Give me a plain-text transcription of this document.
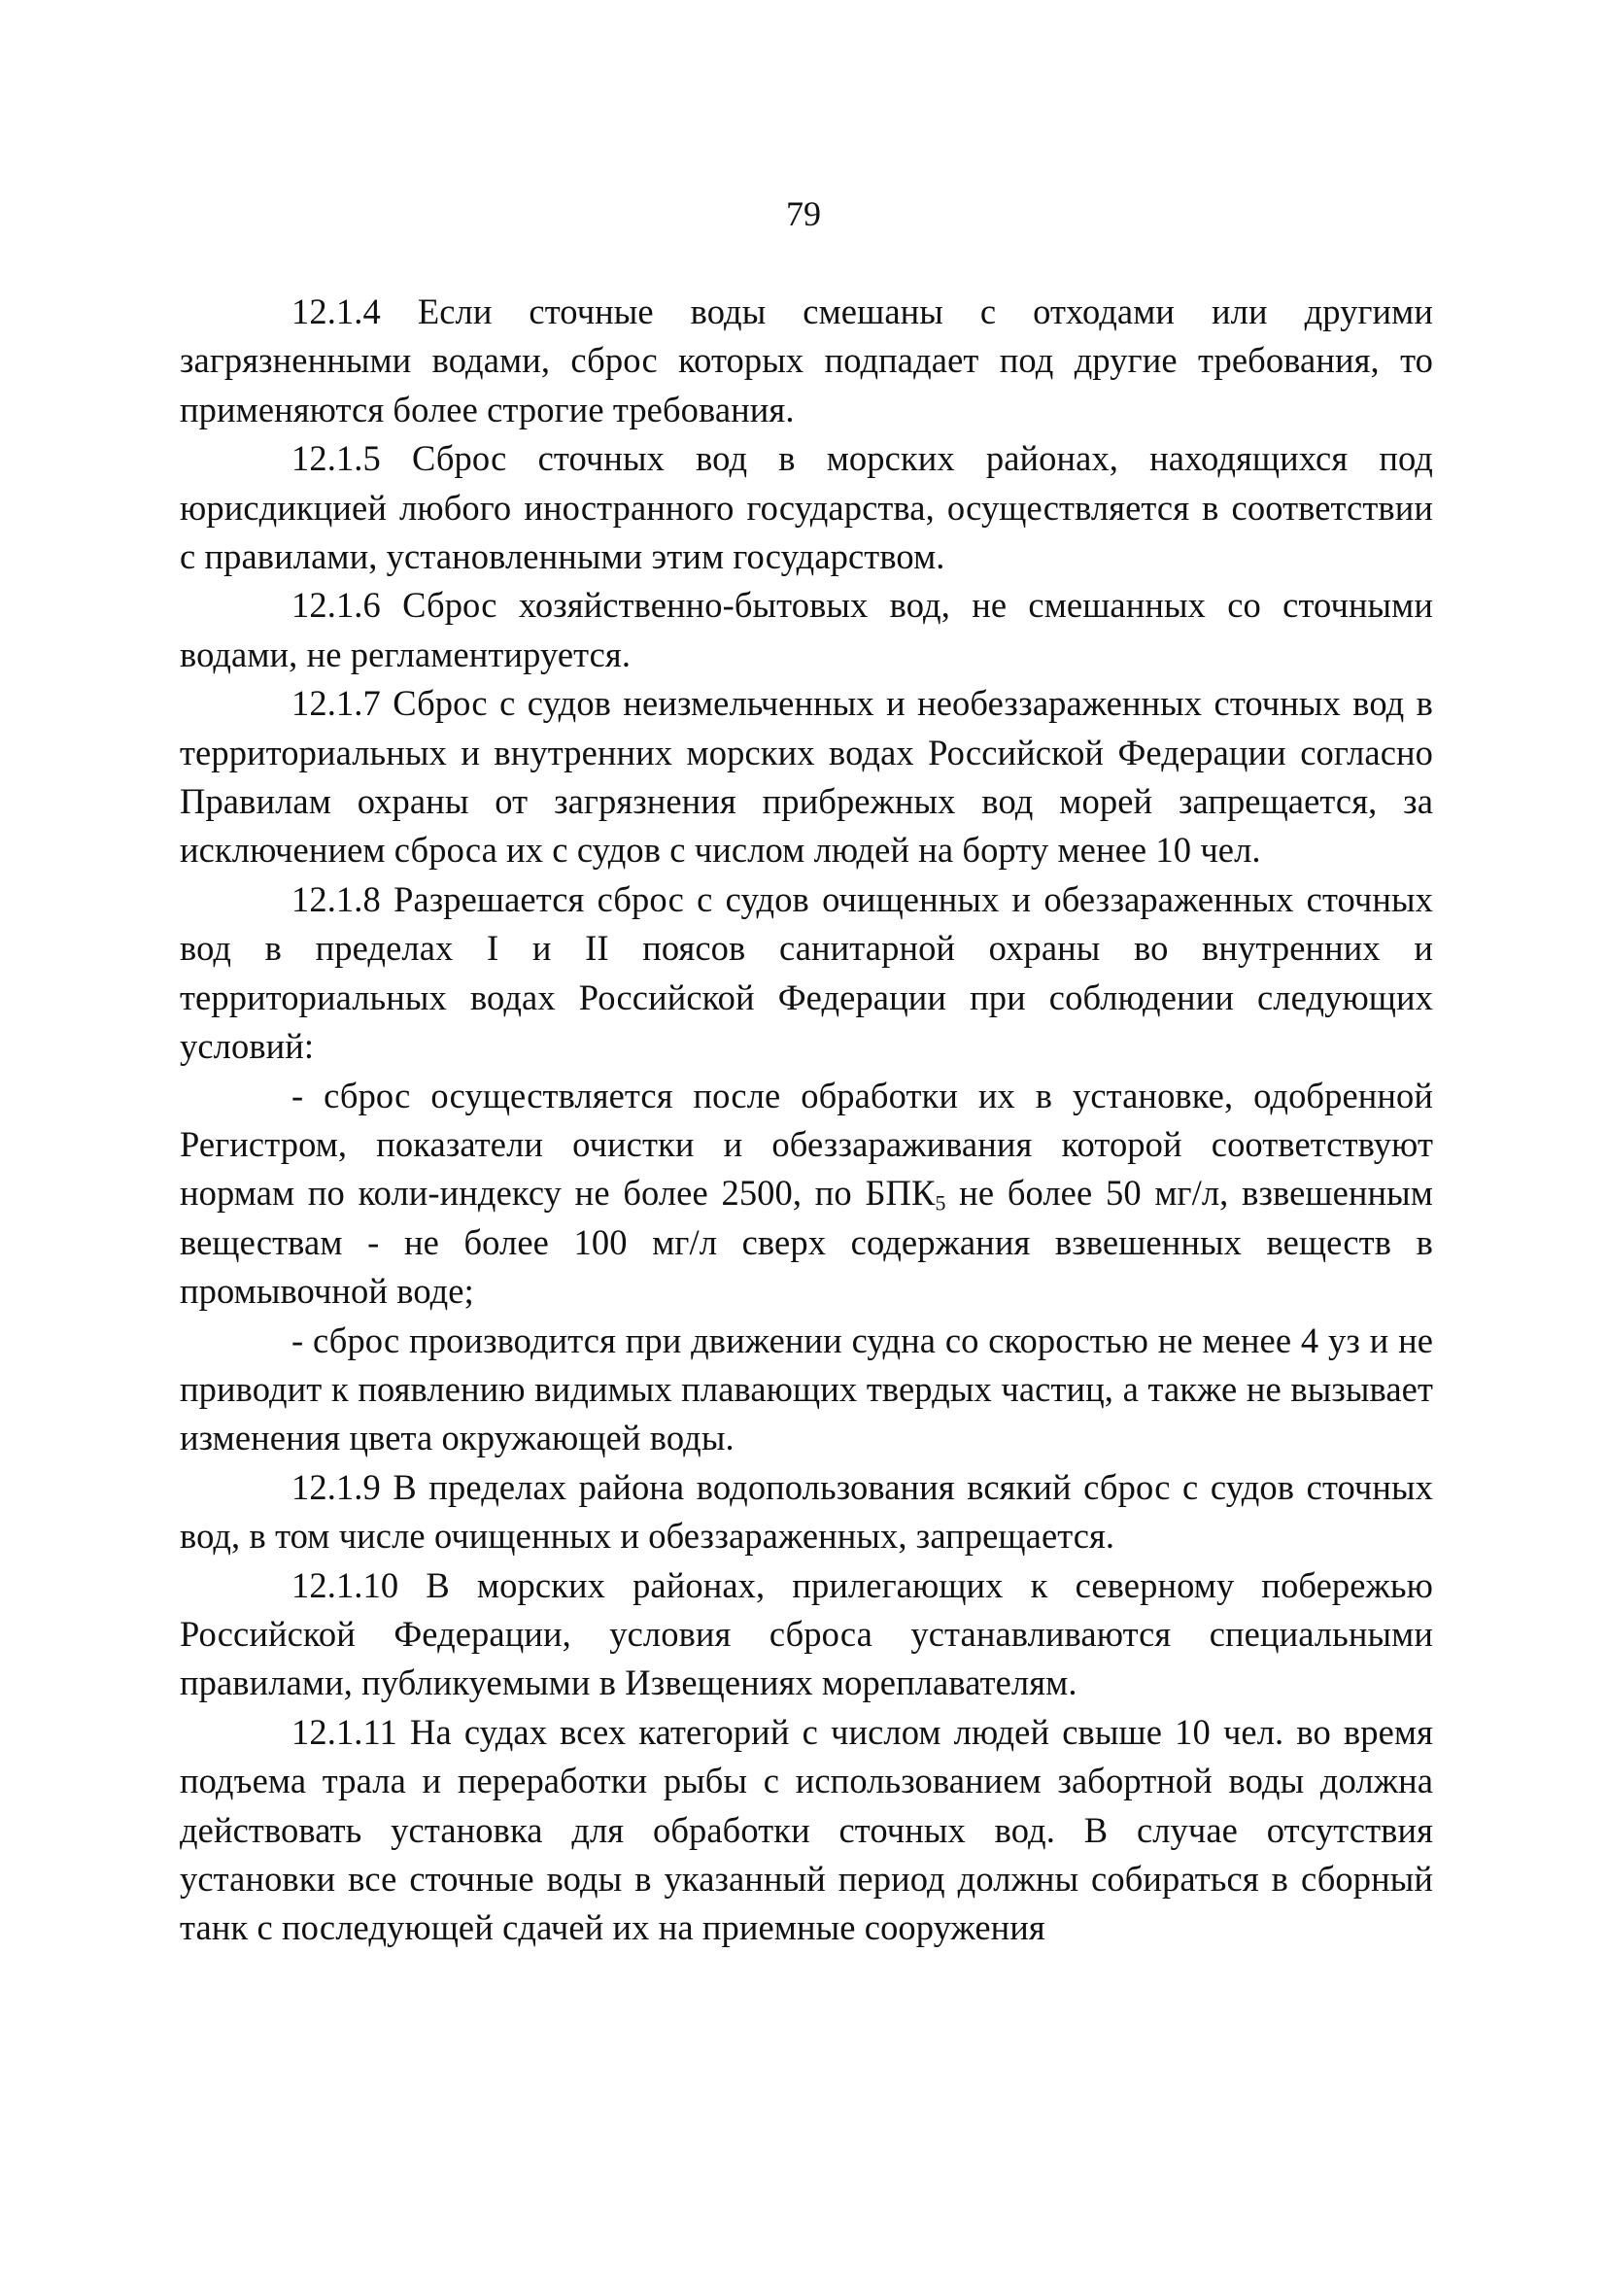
79

12.1.4 Если сточные воды смешаны с отходами или другими загрязненными водами, сброс которых подпадает под другие требования, то применяются более строгие требования.

12.1.5 Сброс сточных вод в морских районах, находящихся под юрисдикцией любого иностранного государства, осуществляется в соответствии с правилами, установленными этим государством.

12.1.6 Сброс хозяйственно-бытовых вод, не смешанных со сточными водами, не регламентируется.

12.1.7 Сброс с судов неизмельченных и необеззараженных сточных вод в территориальных и внутренних морских водах Российской Федерации согласно Правилам охраны от загрязнения прибрежных вод морей запрещается, за исключением сброса их с судов с числом людей на борту менее 10 чел.

12.1.8 Разрешается сброс с судов очищенных и обеззараженных сточных вод в пределах I и II поясов санитарной охраны во внутренних и территориальных водах Российской Федерации при соблюдении следующих условий:

- сброс осуществляется после обработки их в установке, одобренной Регистром, показатели очистки и обеззараживания которой соответствуют нормам по коли-индексу не более 2500, по $БПК_5$ не более 50 мг/л, взвешенным веществам - не более 100 мг/л сверх содержания взвешенных веществ в промывочной воде;

- сброс производится при движении судна со скоростью не менее 4 уз и не приводит к появлению видимых плавающих твердых частиц, а также не вызывает изменения цвета окружающей воды.

12.1.9 В пределах района водопользования всякий сброс с судов сточных вод, в том числе очищенных и обеззараженных, запрещается.

12.1.10 В морских районах, прилегающих к северному побережью Российской Федерации, условия сброса устанавливаются специальными правилами, публикуемыми в Извещениях мореплавателям.

12.1.11 На судах всех категорий с числом людей свыше 10 чел. во время подъема трала и переработки рыбы с использованием забортной воды должна действовать установка для обработки сточных вод. В случае отсутствия установки все сточные воды в указанный период должны собираться в сборный танк с последующей сдачей их на приемные сооружения
